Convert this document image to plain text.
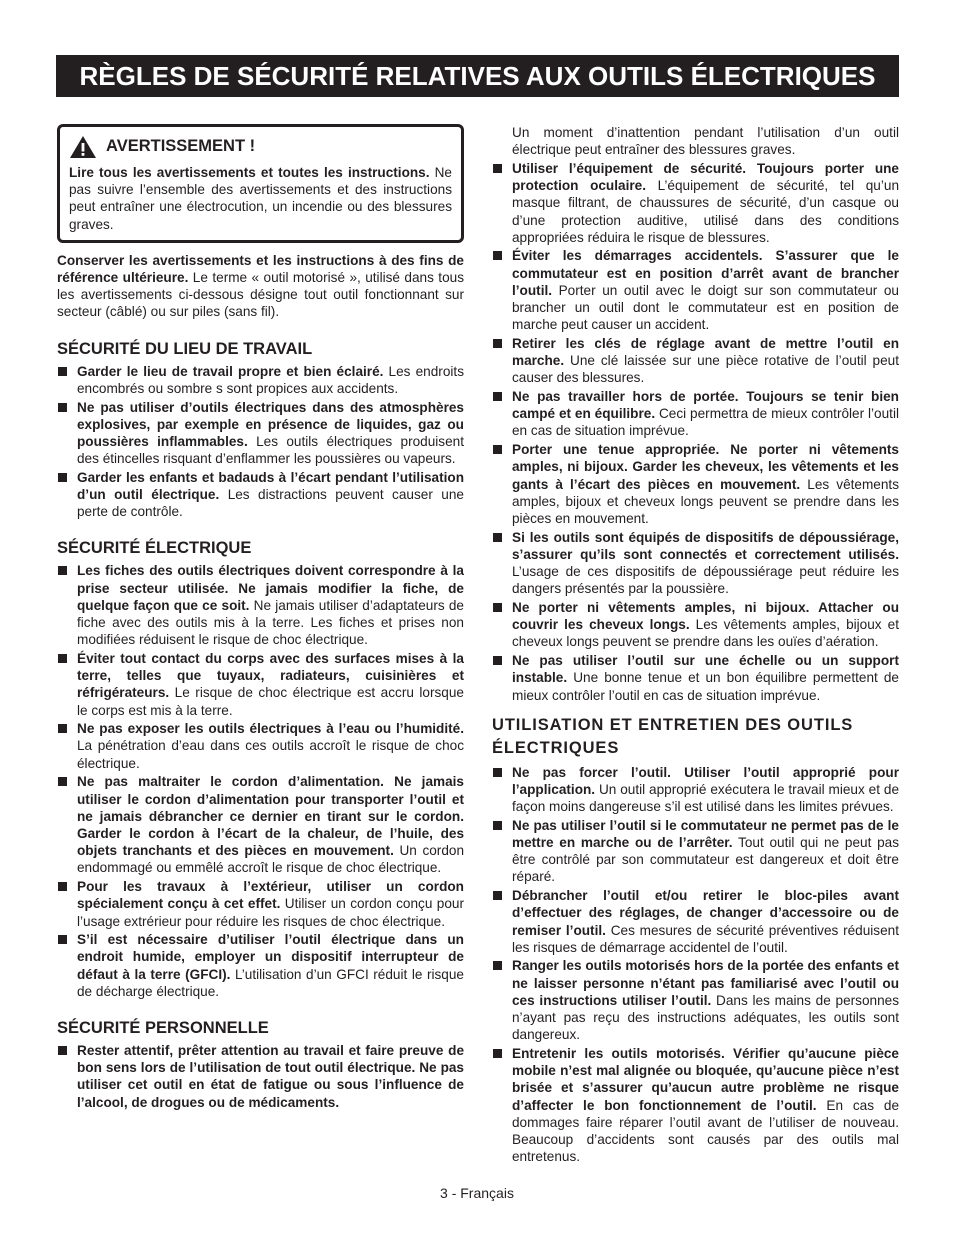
RÈGLES DE SÉCURITÉ RELATIVES AUX OUTILS ÉLECTRIQUES
AVERTISSEMENT !

Lire tous les avertissements et toutes les instructions. Ne pas suivre l’ensemble des avertissements et des instructions peut entraîner une électrocution, un incendie ou des blessures graves.

Conserver les avertissements et les instructions à des fins de référence ultérieure. Le terme « outil motorisé », utilisé dans tous les avertissements ci-dessous désigne tout outil fonctionnant sur secteur (câblé) ou sur piles (sans fil).

SÉCURITÉ DU LIEU DE TRAVAIL
Garder le lieu de travail propre et bien éclairé. Les endroits encombrés ou sombre s sont propices aux accidents.
Ne pas utiliser d’outils électriques dans des atmosphères explosives, par exemple en présence de liquides, gaz ou poussières inflammables. Les outils électriques produisent des étincelles risquant d’enflammer les poussières ou vapeurs.
Garder les enfants et badauds à l’écart pendant l’utilisation d’un outil électrique. Les distractions peuvent causer une perte de contrôle.
SÉCURITÉ ÉLECTRIQUE
Les fiches des outils électriques doivent correspondre à la prise secteur utilisée. Ne jamais modifier la fiche, de quelque façon que ce soit. Ne jamais utiliser d’adaptateurs de fiche avec des outils mis à la terre. Les fiches et prises non modifiées réduisent le risque de choc électrique.
Éviter tout contact du corps avec des surfaces mises à la terre, telles que tuyaux, radiateurs, cuisinières et réfrigérateurs. Le risque de choc électrique est accru lorsque le corps est mis à la terre.
Ne pas exposer les outils électriques à l’eau ou l’humidité. La pénétration d’eau dans ces outils accroît le risque de choc électrique.
Ne pas maltraiter le cordon d’alimentation. Ne jamais utiliser le cordon d’alimentation pour transporter l’outil et ne jamais débrancher ce dernier en tirant sur le cordon. Garder le cordon à l’écart de la chaleur, de l’huile, des objets tranchants et des pièces en mouvement. Un cordon endommagé ou emmêlé accroît le risque de choc électrique.
Pour les travaux à l’extérieur, utiliser un cordon spécialement conçu à cet effet. Utiliser un cordon conçu pour l’usage extrérieur pour réduire les risques de choc électrique.
S’il est nécessaire d’utiliser l’outil électrique dans un endroit humide, employer un dispositif interrupteur de défaut à la terre (GFCI). L’utilisation d’un GFCI réduit le risque de décharge électrique.
SÉCURITÉ PERSONNELLE
Rester attentif, prêter attention au travail et faire preuve de bon sens lors de l’utilisation de tout outil électrique. Ne pas utiliser cet outil en état de fatigue ou sous l’influence de l’alcool, de drogues ou de médicaments.

Un moment d’inattention pendant l’utilisation d’un outil électrique peut entraîner des blessures graves.

Utiliser l’équipement de sécurité. Toujours porter une protection oculaire. L’équipement de sécurité, tel qu’un masque filtrant, de chaussures de sécurité, d’un casque ou d’une protection auditive, utilisé dans des conditions appropriées réduira le risque de blessures.
Éviter les démarrages accidentels. S’assurer que le commutateur est en position d’arrêt avant de brancher l’outil. Porter un outil avec le doigt sur son commutateur ou brancher un outil dont le commutateur est en position de marche peut causer un accident.
Retirer les clés de réglage avant de mettre l’outil en marche. Une clé laissée sur une pièce rotative de l’outil peut causer des blessures.
Ne pas travailler hors de portée. Toujours se tenir bien campé et en équilibre. Ceci permettra de mieux contrôler l’outil en cas de situation imprévue.
Porter une tenue appropriée. Ne porter ni vêtements amples, ni bijoux. Garder les cheveux, les vêtements et les gants à l’écart des pièces en mouvement. Les vêtements amples, bijoux et cheveux longs peuvent se prendre dans les pièces en mouvement.
Si les outils sont équipés de dispositifs de dépoussiérage, s’assurer qu’ils sont connectés et correctement utilisés. L’usage de ces dispositifs de dépoussiérage peut réduire les dangers présentés par la poussière.
Ne porter ni vêtements amples, ni bijoux. Attacher ou couvrir les cheveux longs. Les vêtements amples, bijoux et cheveux longs peuvent se prendre dans les ouïes d’aération.
Ne pas utiliser l’outil sur une échelle ou un support instable. Une bonne tenue et un bon équilibre permettent de mieux contrôler l’outil en cas de situation imprévue.
UTILISATION ET ENTRETIEN DES OUTILS ÉLECTRIQUES
Ne pas forcer l’outil. Utiliser l’outil approprié pour l’application. Un outil approprié exécutera le travail mieux et de façon moins dangereuse s’il est utilisé dans les limites prévues.
Ne pas utiliser l’outil si le commutateur ne permet pas de le mettre en marche ou de l’arrêter. Tout outil qui ne peut pas être contrôlé par son commutateur est dangereux et doit être réparé.
Débrancher l’outil et/ou retirer le bloc-piles avant d’effectuer des réglages, de changer d’accessoire ou de remiser l’outil. Ces mesures de sécurité préventives réduisent les risques de démarrage accidentel de l’outil.
Ranger les outils motorisés hors de la portée des enfants et ne laisser personne n’étant pas familiarisé avec l’outil ou ces instructions utiliser l’outil. Dans les mains de personnes n’ayant pas reçu des instructions adéquates, les outils sont dangereux.
Entretenir les outils motorisés. Vérifier qu’aucune pièce mobile n’est mal alignée ou bloquée, qu’aucune pièce n’est brisée et s’assurer qu’aucun autre problème ne risque d’affecter le bon fonctionnement de l’outil. En cas de dommages faire réparer l’outil avant de l’utiliser de nouveau. Beaucoup d’accidents sont causés par des outils mal entretenus.
3 - Français
